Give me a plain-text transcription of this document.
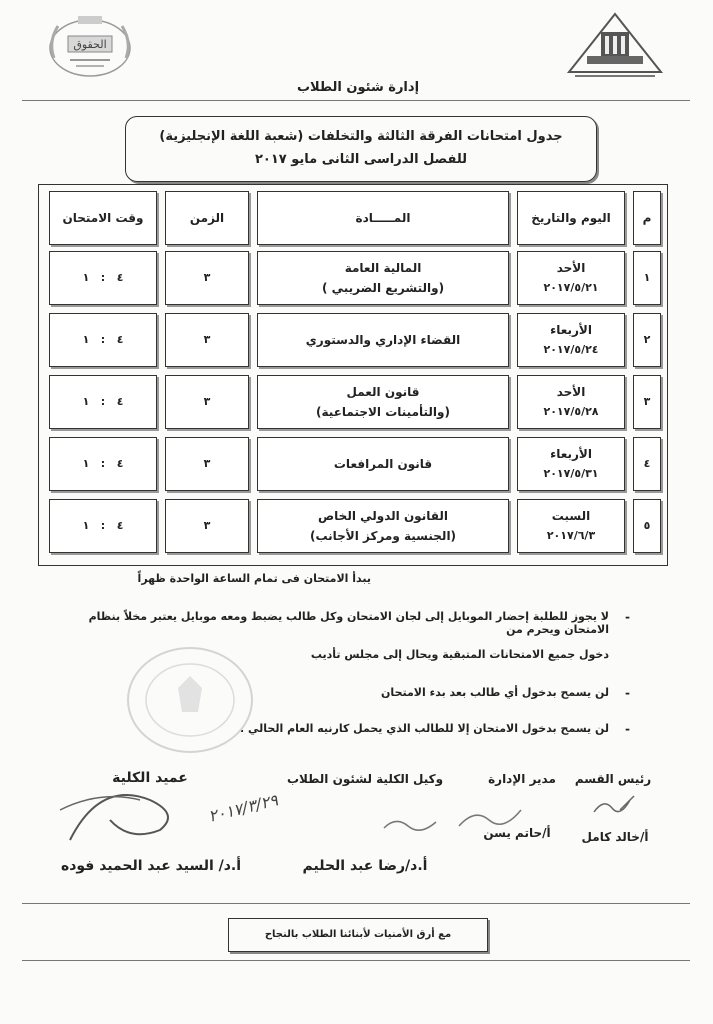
الحقوق
إدارة شئون الطلاب
جدول امتحانات الفرقة الثالثة والتخلفات (شعبة اللغة الإنجليزية)
للفصل الدراسى الثانى مايو ٢٠١٧
م
اليوم والتاريخ
المـــــادة
الزمن
وقت الامتحان
١
الأحد
٢٠١٧/٥/٢١
المالية العامة
(والتشريع الضريبي )
٣
٤   :   ١
٢
الأربعاء
٢٠١٧/٥/٢٤
القضاء الإداري والدستوري
٣
٤   :   ١
٣
الأحد
٢٠١٧/٥/٢٨
قانون العمل
(والتأمينات الاجتماعية)
٣
٤   :   ١
٤
الأربعاء
٢٠١٧/٥/٣١
قانون المرافعات
٣
٤   :   ١
٥
السبت
٢٠١٧/٦/٣
القانون الدولي الخاص
(الجنسية ومركز الأجانب)
٣
٤   :   ١
يبدأ الامتحان فى تمام الساعة الواحدة ظهراً
-
لا يجوز للطلبة إحضار الموبايل إلى لجان الامتحان وكل طالب يضبط ومعه موبايل يعتبر مخلاً بنظام الامتحان ويحرم من
دخول جميع الامتحانات المتبقية ويحال إلى مجلس تأديب
-
لن يسمح بدخول أي طالب بعد بدء الامتحان
-
لن يسمح بدخول الامتحان إلا للطالب الذي يحمل كارنيه العام الحالي .
رئيس القسم
مدير الإدارة
وكيل الكلية لشئون الطلاب
عميد الكلية
٢٠١٧/٣/٢٩
أ/خالد كامل
أ/حاتم يسن
أ.د/رضا عبد الحليم
أ.د/ السيد عبد الحميد فوده
مع أرق الأمنيات لأبنائنا الطلاب بالنجاح
